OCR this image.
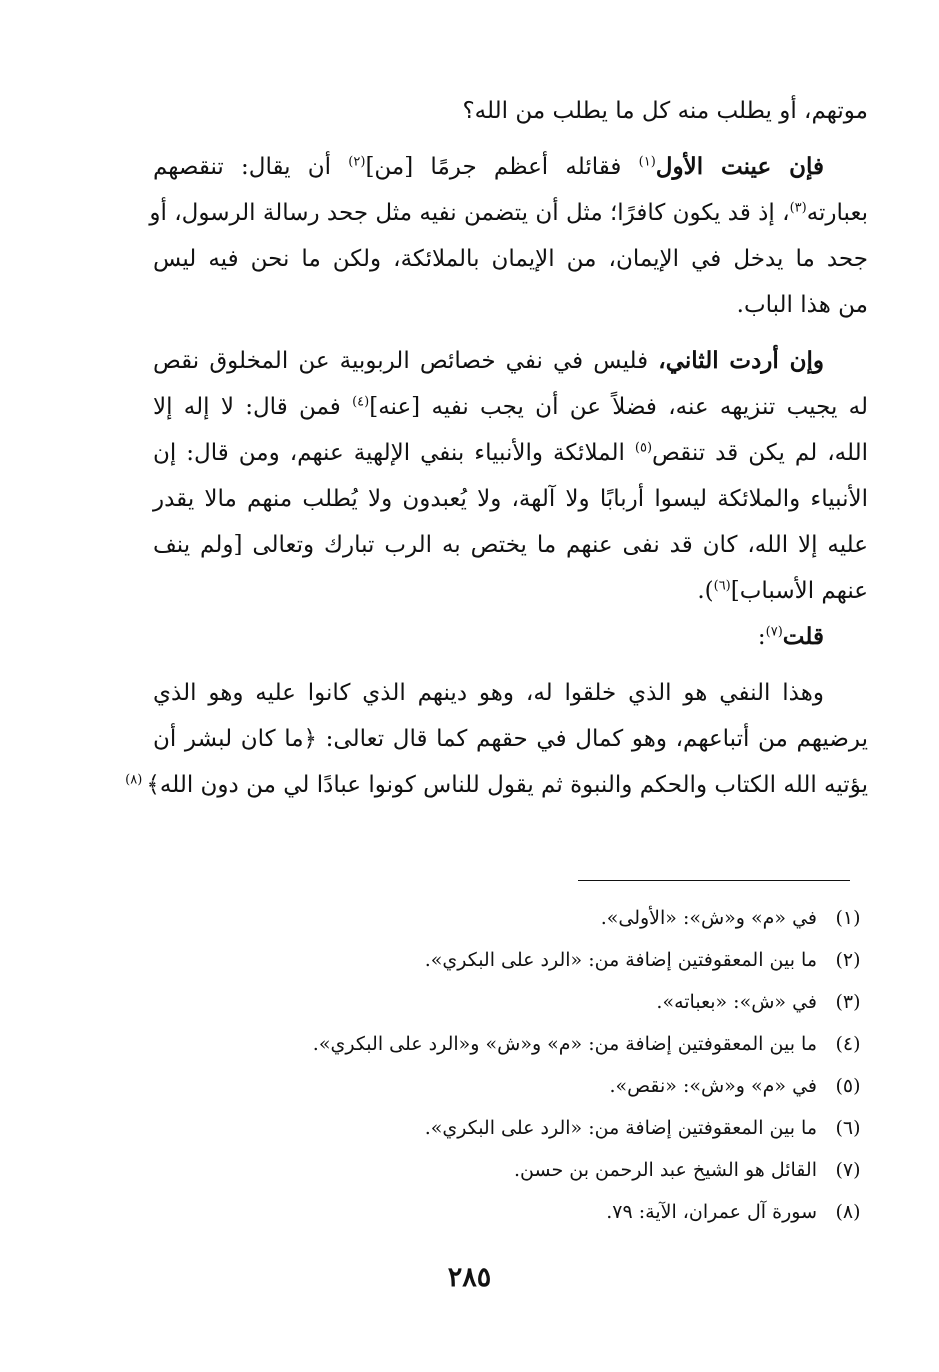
موتهم، أو يطلب منه كل ما يطلب من الله؟
فإن عينت الأول$^{(١)}$ فقائله أعظم جرمًا [من]$^{(٢)}$ أن يقال: تنقصهم
بعبارته$^{(٣)}$، إذ قد يكون كافرًا؛ مثل أن يتضمن نفيه مثل جحد رسالة الرسول، أو
جحد ما يدخل في الإيمان، من الإيمان بالملائكة، ولكن ما نحن فيه ليس
من هذا الباب.
وإن أردت الثاني، فليس في نفي خصائص الربوبية عن المخلوق نقص
له يجيب تنزيهه عنه، فضلاً عن أن يجب نفيه [عنه]$^{(٤)}$ فمن قال: لا إله إلا
الله، لم يكن قد تنقص$^{(٥)}$ الملائكة والأنبياء بنفي الإلهية عنهم، ومن قال: إن
الأنبياء والملائكة ليسوا أربابًا ولا آلهة، ولا يُعبدون ولا يُطلب منهم مالا يقدر
عليه إلا الله، كان قد نفى عنهم ما يختص به الرب تبارك وتعالى [ولم ينف
عنهم الأسباب]$^{(٦)}$).
قلت$^{(٧)}$:
وهذا النفي هو الذي خلقوا له، وهو دينهم الذي كانوا عليه وهو الذي
يرضيهم من أتباعهم، وهو كمال في حقهم كما قال تعالى: ﴿ما كان لبشر أن
يؤتيه الله الكتاب والحكم والنبوة ثم يقول للناس كونوا عبادًا لي من دون الله﴾ $^{(٨)}$
(١)
في «م» و«ش»: «الأولى».
(٢)
ما بين المعقوفتين إضافة من: «الرد على البكري».
(٣)
في «ش»: «بعباته».
(٤)
ما بين المعقوفتين إضافة من: «م» و«ش» و«الرد على البكري».
(٥)
في «م» و«ش»: «نقص».
(٦)
ما بين المعقوفتين إضافة من: «الرد على البكري».
(٧)
القائل هو الشيخ عبد الرحمن بن حسن.
(٨)
سورة آل عمران، الآية: ٧٩.
٢٨٥
